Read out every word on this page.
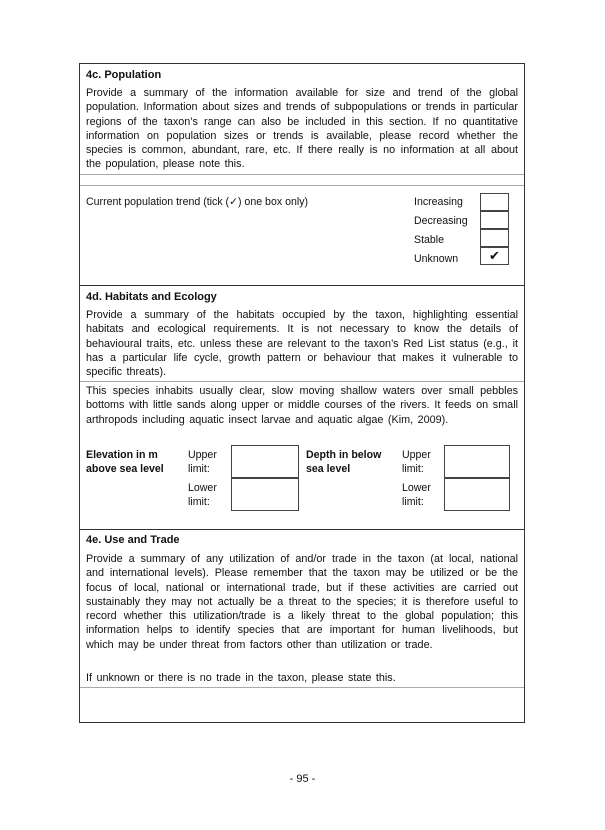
4c. Population
Provide a summary of the information available for size and trend of the global population. Information about sizes and trends of subpopulations or trends in particular regions of the taxon’s range can also be included in this section. If no quantitative information on population sizes or trends is available, please record whether the species is common, abundant, rare, etc. If there really is no information at all about the population, please note this.
Current population trend (tick (✓) one box only)	Increasing
Decreasing
Stable
Unknown	✔
4d. Habitats and Ecology
Provide a summary of the habitats occupied by the taxon, highlighting essential habitats and ecological requirements. It is not necessary to know the details of behavioural traits, etc. unless these are relevant to the taxon’s Red List status (e.g., it has a particular life cycle, growth pattern or behaviour that makes it vulnerable to specific threats).
This species inhabits usually clear, slow moving shallow waters over small pebbles bottoms with little sands along upper or middle courses of the rivers. It feeds on small arthropods including aquatic insect larvae and aquatic algae (Kim, 2009).
Elevation in m above sea level
Upper limit:
Lower limit:
Depth in below sea level
Upper limit:
Lower limit:
4e. Use and Trade
Provide a summary of any utilization of and/or trade in the taxon (at local, national and international levels). Please remember that the taxon may be utilized or be the focus of local, national or international trade, but if these activities are carried out sustainably they may not actually be a threat to the species; it is therefore useful to record whether this utilization/trade is a likely threat to the global population; this information helps to identify species that are important for human livelihoods, but which may be under threat from factors other than utilization or trade.
If unknown or there is no trade in the taxon, please state this.
- 95 -
